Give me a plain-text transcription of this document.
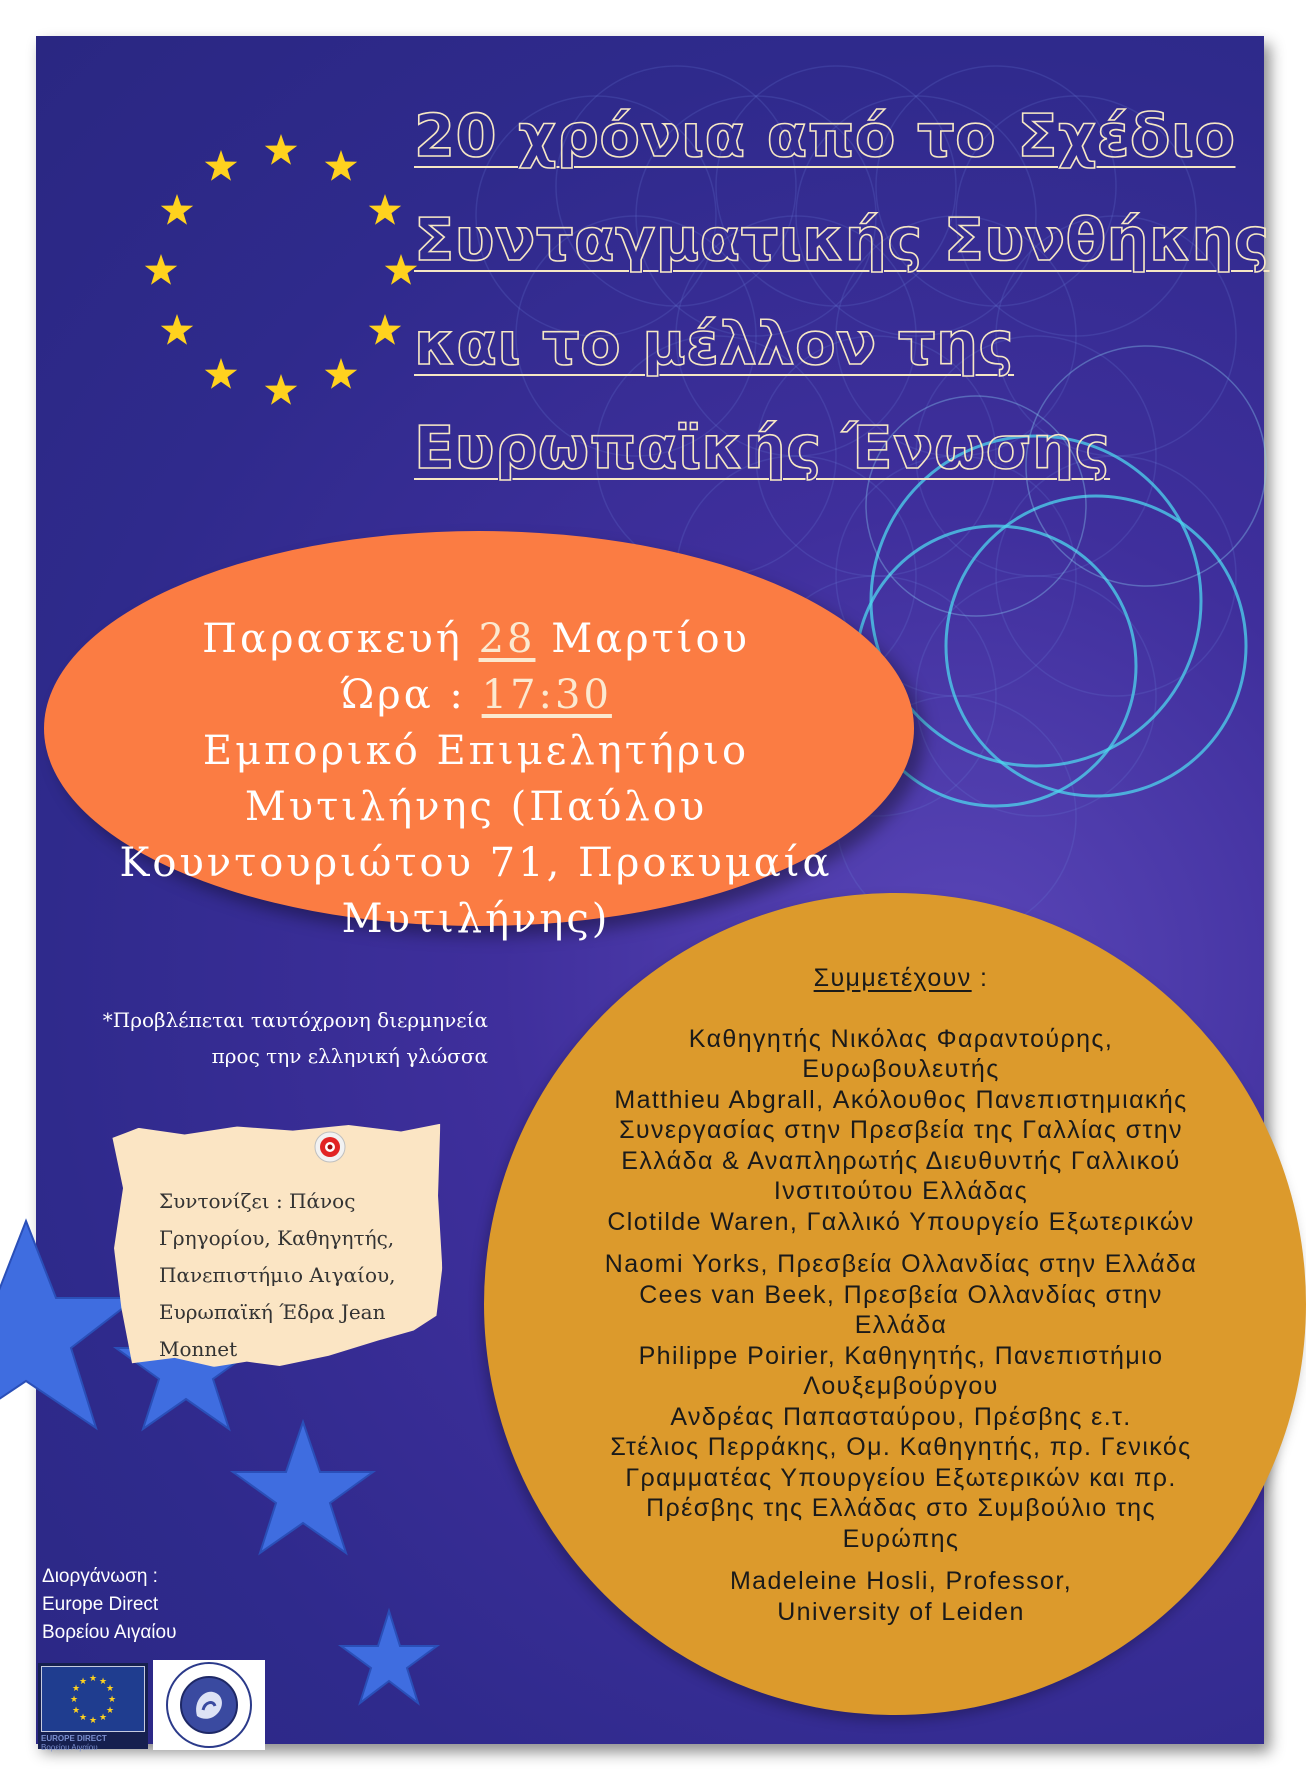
20 χρόνια από το Σχέδιο
Συνταγματικής Συνθήκης
και το μέλλον της
Ευρωπαϊκής Ένωσης
Παρασκευή 28 Μαρτίου
Ώρα : 17:30
Εμπορικό Επιμελητήριο
Μυτιλήνης (Παύλου
Κουντουριώτου 71, Προκυμαία
Μυτιλήνης)
*Προβλέπεται ταυτόχρονη διερμηνεία
προς την ελληνική γλώσσα
Συντονίζει : Πάνος
Γρηγορίου, Καθηγητής,
Πανεπιστήμιο Αιγαίου,
Ευρωπαϊκή Έδρα Jean
Monnet

Συμμετέχουν :

Καθηγητής Νικόλας Φαραντούρης,

Ευρωβουλευτής

Matthieu Abgrall, Ακόλουθος Πανεπιστημιακής

Συνεργασίας στην Πρεσβεία της Γαλλίας στην

Ελλάδα & Αναπληρωτής Διευθυντής Γαλλικού

Ινστιτούτου Ελλάδας

Clotilde Waren, Γαλλικό Υπουργείο Εξωτερικών

Naomi Yorks, Πρεσβεία Ολλανδίας στην Ελλάδα

Cees van Beek, Πρεσβεία Ολλανδίας στην

Ελλάδα

Philippe Poirier, Καθηγητής, Πανεπιστήμιο

Λουξεμβούργου

Ανδρέας Παπασταύρου, Πρέσβης ε.τ.

Στέλιος Περράκης, Ομ. Καθηγητής, πρ. Γενικός

Γραμματέας Υπουργείου Εξωτερικών και πρ.

Πρέσβης της Ελλάδας στο Συμβούλιο της

Ευρώπης

Madeleine Hosli, Professor,

University of Leiden

Διοργάνωση :
Europe Direct
Βορείου Αιγαίου
★ ★
★
★
★
★
★
★
★
★
★
★
EUROPE DIRECT
Βορείου Αιγαίου
